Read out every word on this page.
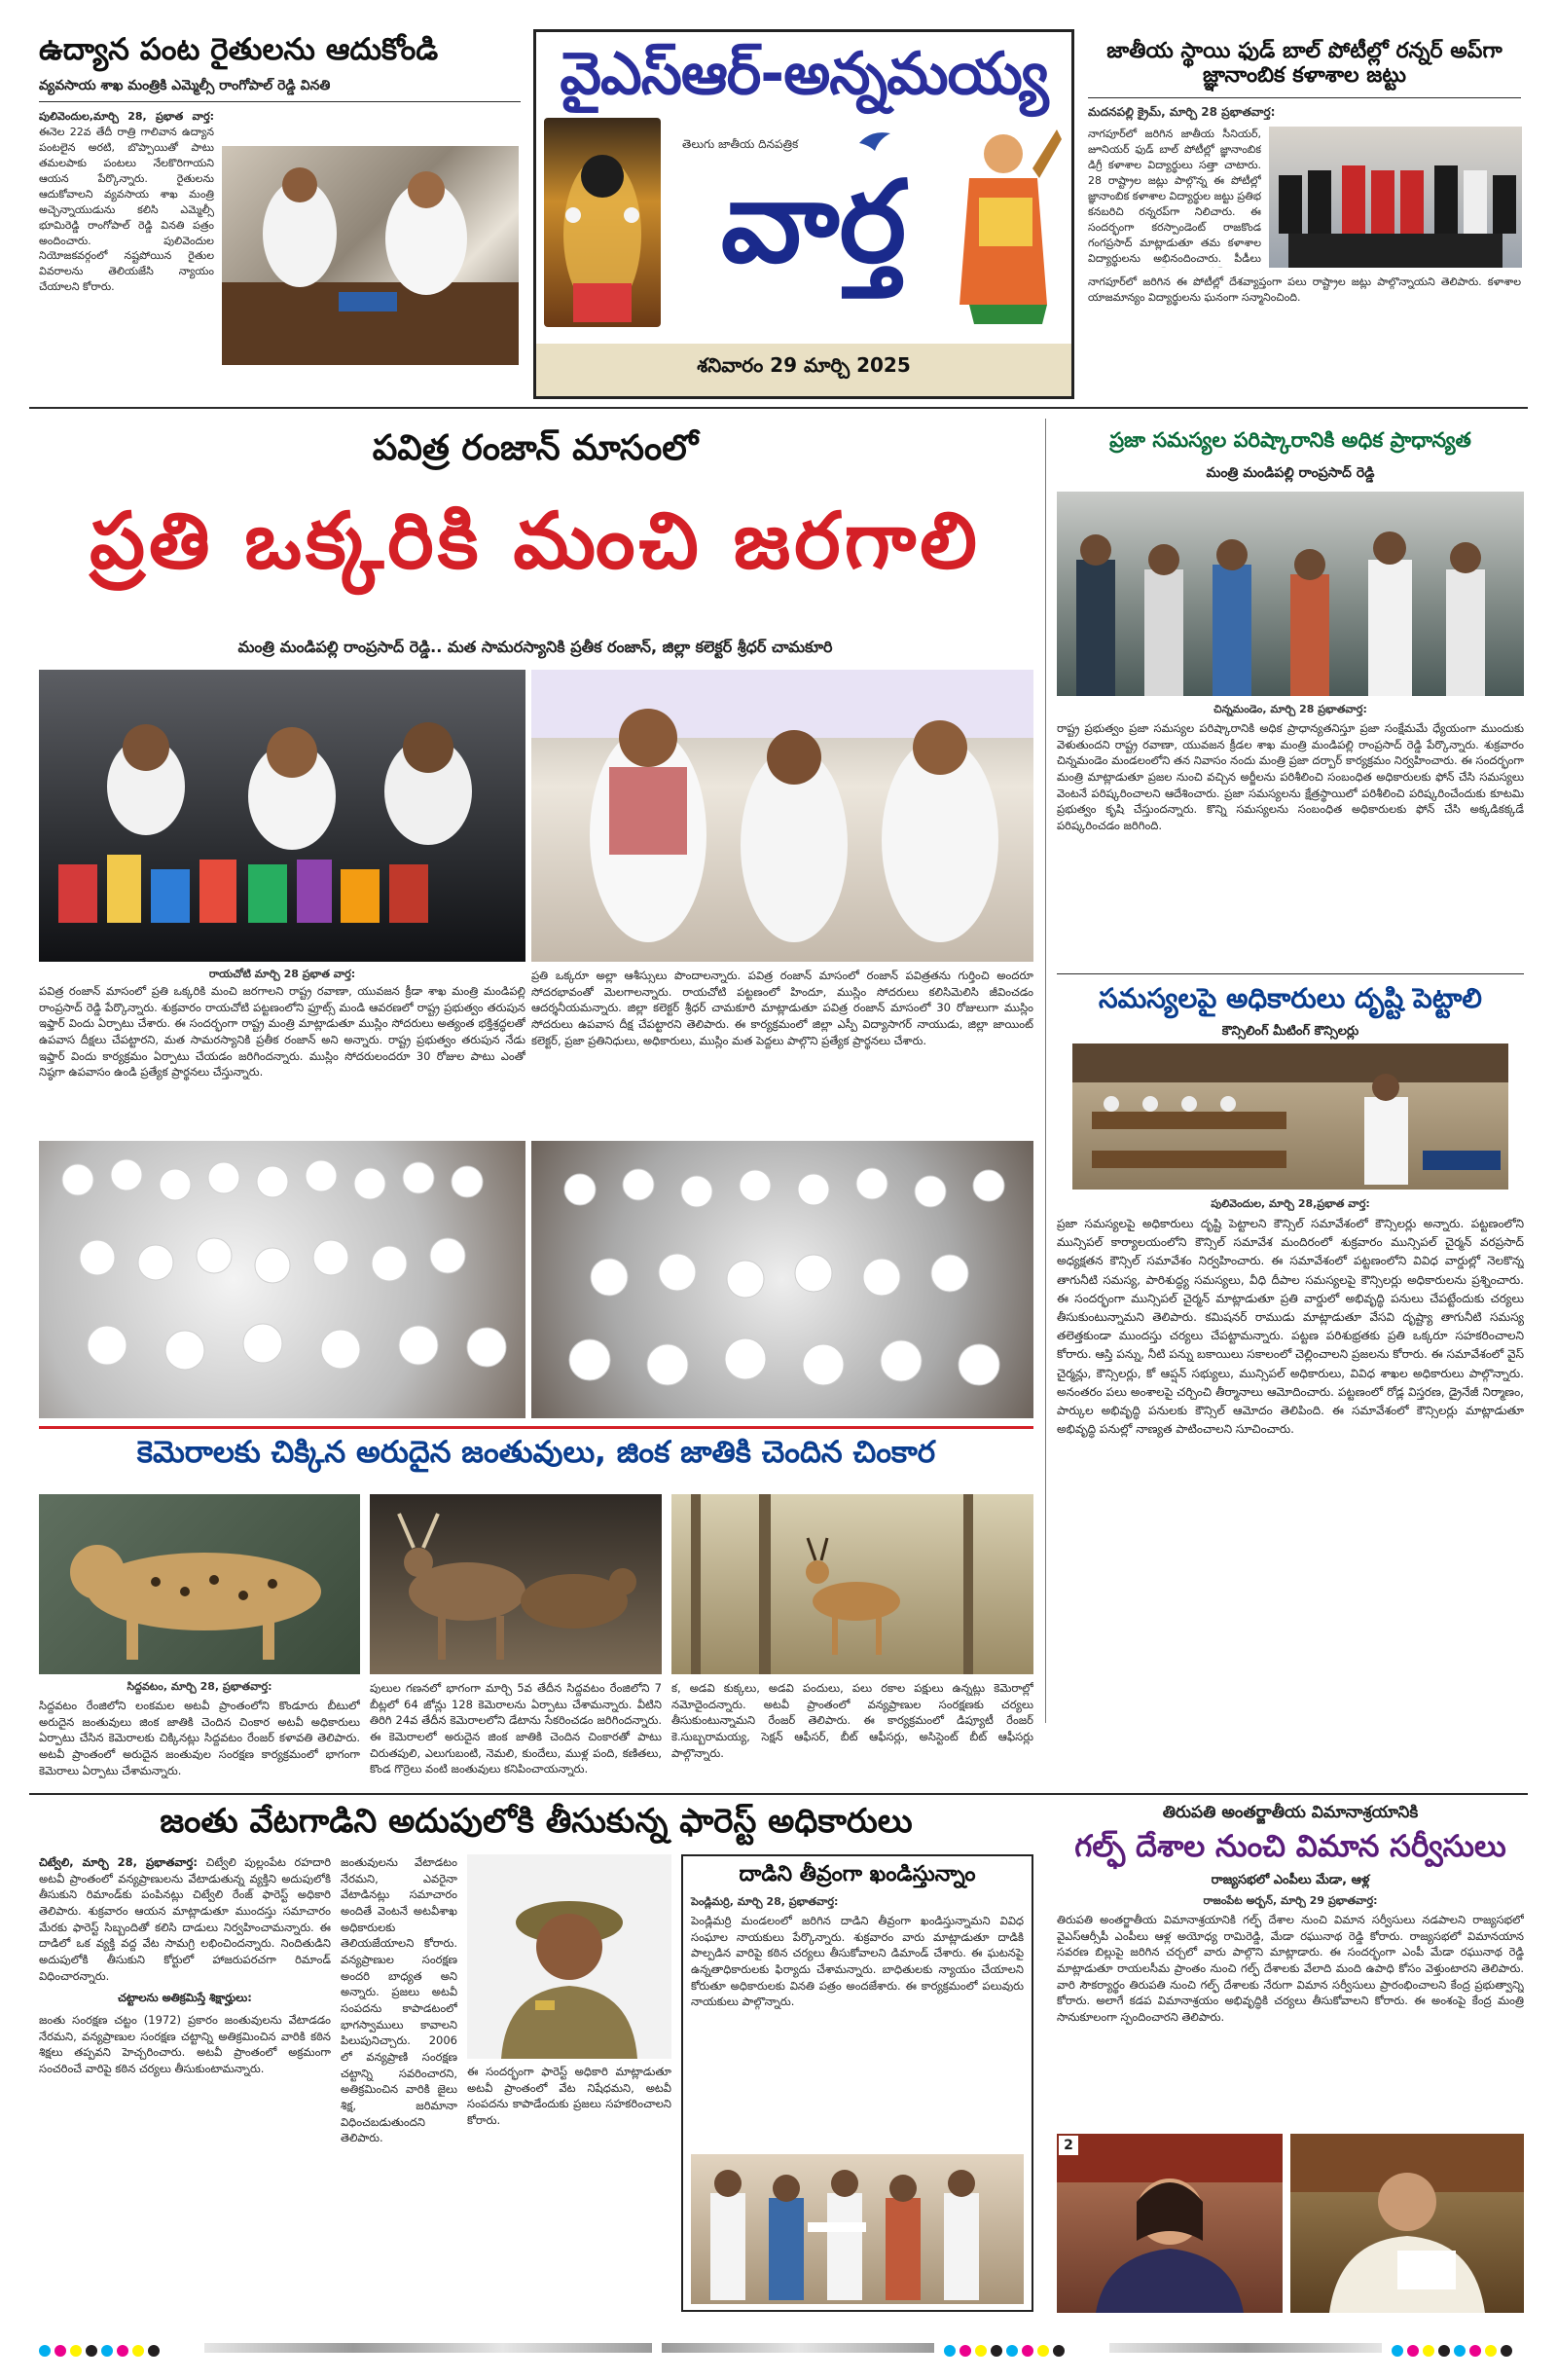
ఉద్యాన పంట రైతులను ఆదుకోండి
వ్యవసాయ శాఖ మంత్రికి ఎమ్మెల్సీ రాంగోపాల్ రెడ్డి వినతి
పులివెందుల,మార్చి 28, ప్రభాత వార్త: ఈనెల 22వ తేదీ రాత్రి గాలివాన ఉద్యాన పంటలైన అరటి, బొప్పాయితో పాటు తమలపాకు పంటలు నేలకొరిగాయని ఆయన పేర్కొన్నారు. రైతులను ఆదుకోవాలని వ్యవసాయ శాఖ మంత్రి అచ్చెన్నాయుడును కలిసి ఎమ్మెల్సీ భూమిరెడ్డి రాంగోపాల్ రెడ్డి వినతి పత్రం అందించారు. పులివెందుల నియోజకవర్గంలో నష్టపోయిన రైతుల వివరాలను తెలియజేసి న్యాయం చేయాలని కోరారు.
వైఎస్ఆర్-అన్నమయ్య
తెలుగు జాతీయ దినపత్రిక
వార్త
శనివారం 29 మార్చి 2025
జాతీయ స్థాయి ఫుడ్ బాల్ పోటీల్లో రన్నర్ అప్‌గా జ్ఞానాంబిక కళాశాల జట్టు
మదనపల్లి క్రైమ్, మార్చి 28 ప్రభాతవార్త:
నాగపూర్‌లో జరిగిన జాతీయ సీనియర్, జూనియర్ ఫుడ్ బాల్ పోటీల్లో జ్ఞానాంబిక డిగ్రీ కళాశాల విద్యార్థులు సత్తా చాటారు. 28 రాష్ట్రాల జట్లు పాల్గొన్న ఈ పోటీల్లో జ్ఞానాంబిక కళాశాల విద్యార్థుల జట్టు ప్రతిభ కనబరిచి రన్నరప్‌గా నిలిచారు. ఈ సందర్భంగా కరస్పాండెంట్ రాజకొండ గంగప్రసాద్ మాట్లాడుతూ తమ కళాశాల విద్యార్థులను అభినందించారు. పీడీలు
నాగపూర్‌లో జరిగిన ఈ పోటీల్లో దేశవ్యాప్తంగా పలు రాష్ట్రాల జట్లు పాల్గొన్నాయని తెలిపారు. కళాశాల యాజమాన్యం విద్యార్థులను ఘనంగా సన్మానించింది.
పవిత్ర రంజాన్ మాసంలో
ప్రతి ఒక్కరికి మంచి జరగాలి
మంత్రి మండిపల్లి రాంప్రసాద్ రెడ్డి.. మత సామరస్యానికి ప్రతీక రంజాన్, జిల్లా కలెక్టర్ శ్రీధర్ చామకూరి
రాయచోటి మార్చి 28 ప్రభాత వార్త:
పవిత్ర రంజాన్ మాసంలో ప్రతి ఒక్కరికి మంచి జరగాలని రాష్ట్ర రవాణా, యువజన క్రీడా శాఖ మంత్రి మండిపల్లి రాంప్రసాద్ రెడ్డి పేర్కొన్నారు. శుక్రవారం రాయచోటి పట్టణంలోని ఫ్రూట్స్ మండి ఆవరణలో రాష్ట్ర ప్రభుత్వం తరుపున ఇఫ్తార్ విందు ఏర్పాటు చేశారు. ఈ సందర్భంగా రాష్ట్ర మంత్రి మాట్లాడుతూ ముస్లిం సోదరులు అత్యంత భక్తిశ్రద్ధలతో ఉపవాస దీక్షలు చేపట్టారని, మత సామరస్యానికి ప్రతీక రంజాన్ అని అన్నారు. రాష్ట్ర ప్రభుత్వం తరుపున నేడు ఇఫ్తార్ విందు కార్యక్రమం ఏర్పాటు చేయడం జరిగిందన్నారు. ముస్లిం సోదరులందరూ 30 రోజుల పాటు ఎంతో నిష్ఠగా ఉపవాసం ఉండి ప్రత్యేక ప్రార్థనలు చేస్తున్నారు.
ప్రతి ఒక్కరూ అల్లా ఆశీస్సులు పొందాలన్నారు. పవిత్ర రంజాన్ మాసంలో రంజాన్ పవిత్రతను గుర్తించి అందరూ సోదరభావంతో మెలగాలన్నారు. రాయచోటి పట్టణంలో హిందూ, ముస్లిం సోదరులు కలిసిమెలిసి జీవించడం ఆదర్శనీయమన్నారు. జిల్లా కలెక్టర్ శ్రీధర్ చామకూరి మాట్లాడుతూ పవిత్ర రంజాన్ మాసంలో 30 రోజులుగా ముస్లిం సోదరులు ఉపవాస దీక్ష చేపట్టారని తెలిపారు. ఈ కార్యక్రమంలో జిల్లా ఎస్పీ విద్యాసాగర్ నాయుడు, జిల్లా జాయింట్ కలెక్టర్, ప్రజా ప్రతినిధులు, అధికారులు, ముస్లిం మత పెద్దలు పాల్గొని ప్రత్యేక ప్రార్థనలు చేశారు.
ప్రజా సమస్యల పరిష్కారానికి అధిక ప్రాధాన్యత
మంత్రి మండిపల్లి రాంప్రసాద్ రెడ్డి
చిన్నమండెం, మార్చి 28 ప్రభాతవార్త:
రాష్ట్ర ప్రభుత్వం ప్రజా సమస్యల పరిష్కారానికి అధిక ప్రాధాన్యతనిస్తూ ప్రజా సంక్షేమమే ధ్యేయంగా ముందుకు వెళుతుందని రాష్ట్ర రవాణా, యువజన క్రీడల శాఖ మంత్రి మండిపల్లి రాంప్రసాద్ రెడ్డి పేర్కొన్నారు. శుక్రవారం చిన్నమండెం మండలంలోని తన నివాసం నందు మంత్రి ప్రజా దర్బార్ కార్యక్రమం నిర్వహించారు. ఈ సందర్భంగా మంత్రి మాట్లాడుతూ ప్రజల నుంచి వచ్చిన అర్జీలను పరిశీలించి సంబంధిత అధికారులకు ఫోన్ చేసి సమస్యలు వెంటనే పరిష్కరించాలని ఆదేశించారు. ప్రజా సమస్యలను క్షేత్రస్థాయిలో పరిశీలించి పరిష్కరించేందుకు కూటమి ప్రభుత్వం కృషి చేస్తుందన్నారు. కొన్ని సమస్యలను సంబంధిత అధికారులకు ఫోన్ చేసి అక్కడికక్కడే పరిష్కరించడం జరిగింది.
సమస్యలపై అధికారులు దృష్టి పెట్టాలి
కౌన్సిలింగ్ మీటింగ్ కౌన్సిలర్లు
పులివెందుల, మార్చి 28,ప్రభాత వార్త:
ప్రజా సమస్యలపై అధికారులు దృష్టి పెట్టాలని కౌన్సిల్ సమావేశంలో కౌన్సిలర్లు అన్నారు. పట్టణంలోని మున్సిపల్ కార్యాలయంలోని కౌన్సిల్ సమావేశ మందిరంలో శుక్రవారం మున్సిపల్ చైర్మన్ వరప్రసాద్ అధ్యక్షతన కౌన్సిల్ సమావేశం నిర్వహించారు. ఈ సమావేశంలో పట్టణంలోని వివిధ వార్డుల్లో నెలకొన్న తాగునీటి సమస్య, పారిశుద్ధ్య సమస్యలు, వీధి దీపాల సమస్యలపై కౌన్సిలర్లు అధికారులను ప్రశ్నించారు. ఈ సందర్భంగా మున్సిపల్ చైర్మన్ మాట్లాడుతూ ప్రతి వార్డులో అభివృద్ధి పనులు చేపట్టేందుకు చర్యలు తీసుకుంటున్నామని తెలిపారు. కమిషనర్ రాముడు మాట్లాడుతూ వేసవి దృష్ట్యా తాగునీటి సమస్య తలెత్తకుండా ముందస్తు చర్యలు చేపట్టామన్నారు. పట్టణ పరిశుభ్రతకు ప్రతి ఒక్కరూ సహకరించాలని కోరారు. ఆస్తి పన్ను, నీటి పన్ను బకాయిలు సకాలంలో చెల్లించాలని ప్రజలను కోరారు. ఈ సమావేశంలో వైస్ చైర్మన్లు, కౌన్సిలర్లు, కో ఆప్షన్ సభ్యులు, మున్సిపల్ అధికారులు, వివిధ శాఖల అధికారులు పాల్గొన్నారు. అనంతరం పలు అంశాలపై చర్చించి తీర్మానాలు ఆమోదించారు. పట్టణంలో రోడ్ల విస్తరణ, డ్రైనేజీ నిర్మాణం, పార్కుల అభివృద్ధి పనులకు కౌన్సిల్ ఆమోదం తెలిపింది. ఈ సమావేశంలో కౌన్సిలర్లు మాట్లాడుతూ అభివృద్ధి పనుల్లో నాణ్యత పాటించాలని సూచించారు.
కెమెరాలకు చిక్కిన అరుదైన జంతువులు, జింక జాతికి చెందిన చింకార
సిద్దవటం, మార్చి 28, ప్రభాతవార్త:
సిద్దవటం రేంజిలోని లంకమల అటవీ ప్రాంతంలోని కొండూరు బీటులో అరుదైన జంతువులు జింక జాతికి చెందిన చింకార అటవీ అధికారులు ఏర్పాటు చేసిన కెమెరాలకు చిక్కినట్లు సిద్దవటం రేంజర్ కళావతి తెలిపారు. అటవీ ప్రాంతంలో అరుదైన జంతువుల సంరక్షణ కార్యక్రమంలో భాగంగా కెమెరాలు ఏర్పాటు చేశామన్నారు.
పులుల గణనలో భాగంగా మార్చి 5వ తేదీన సిద్దవటం రేంజిలోని 7 బీట్లలో 64 జోన్లు 128 కెమెరాలను ఏర్పాటు చేశామన్నారు. వీటిని తిరిగి 24వ తేదీన కెమెరాలలోని డేటాను సేకరించడం జరిగిందన్నారు. ఈ కెమెరాలలో అరుదైన జింక జాతికి చెందిన చింకారతో పాటు చిరుతపులి, ఎలుగుబంటి, నెమలి, కుందేలు, ముళ్ల పంది, కణితలు, కొండ గొర్రెలు వంటి జంతువులు కనిపించాయన్నారు.
క, అడవి కుక్కలు, అడవి పందులు, పలు రకాల పక్షులు ఉన్నట్లు కెమెరాల్లో నమోదైందన్నారు. అటవీ ప్రాంతంలో వన్యప్రాణుల సంరక్షణకు చర్యలు తీసుకుంటున్నామని రేంజర్ తెలిపారు. ఈ కార్యక్రమంలో డిప్యూటీ రేంజర్ కె.సుబ్బరామయ్య, సెక్షన్ ఆఫీసర్, బీట్ ఆఫీసర్లు, అసిస్టెంట్ బీట్ ఆఫీసర్లు పాల్గొన్నారు.
జంతు వేటగాడిని అదుపులోకి తీసుకున్న ఫారెస్ట్ అధికారులు
చిట్వేలి, మార్చి 28, ప్రభాతవార్త: చిట్వేలి పుల్లంపేట రహదారి అటవీ ప్రాంతంలో వన్యప్రాణులను వేటాడుతున్న వ్యక్తిని అదుపులోకి తీసుకుని రిమాండ్‌కు పంపినట్లు చిట్వేలి రేంజ్ ఫారెస్ట్ అధికారి తెలిపారు. శుక్రవారం ఆయన మాట్లాడుతూ ముందస్తు సమాచారం మేరకు ఫారెస్ట్ సిబ్బందితో కలిసి దాడులు నిర్వహించామన్నారు. ఈ దాడిలో ఒక వ్యక్తి వద్ద వేట సామగ్రి లభించిందన్నారు. నిందితుడిని అదుపులోకి తీసుకుని కోర్టులో హాజరుపరచగా రిమాండ్ విధించారన్నారు.
చట్టాలను అతిక్రమిస్తే శిక్షార్హులు:
జంతు సంరక్షణ చట్టం (1972) ప్రకారం జంతువులను వేటాడడం నేరమని, వన్యప్రాణుల సంరక్షణ చట్టాన్ని అతిక్రమించిన వారికి కఠిన శిక్షలు తప్పవని హెచ్చరించారు. అటవీ ప్రాంతంలో అక్రమంగా సంచరించే వారిపై కఠిన చర్యలు తీసుకుంటామన్నారు.
జంతువులను వేటాడటం నేరమని, ఎవరైనా వేటాడినట్లు సమాచారం అందితే వెంటనే అటవీశాఖ అధికారులకు తెలియజేయాలని కోరారు. వన్యప్రాణుల సంరక్షణ అందరి బాధ్యత అని అన్నారు. ప్రజలు అటవీ సంపదను కాపాడటంలో భాగస్వాములు కావాలని పిలుపునిచ్చారు. 2006 లో వన్యప్రాణి సంరక్షణ చట్టాన్ని సవరించారని, అతిక్రమించిన వారికి జైలు శిక్ష, జరిమానా విధించబడుతుందని తెలిపారు.
ఈ సందర్భంగా ఫారెస్ట్ అధికారి మాట్లాడుతూ అటవీ ప్రాంతంలో వేట నిషేధమని, అటవీ సంపదను కాపాడేందుకు ప్రజలు సహకరించాలని కోరారు.
దాడిని తీవ్రంగా ఖండిస్తున్నాం
పెండ్లిమర్రి, మార్చి 28, ప్రభాతవార్త:
పెండ్లిమర్రి మండలంలో జరిగిన దాడిని తీవ్రంగా ఖండిస్తున్నామని వివిధ సంఘాల నాయకులు పేర్కొన్నారు. శుక్రవారం వారు మాట్లాడుతూ దాడికి పాల్పడిన వారిపై కఠిన చర్యలు తీసుకోవాలని డిమాండ్ చేశారు. ఈ ఘటనపై ఉన్నతాధికారులకు ఫిర్యాదు చేశామన్నారు. బాధితులకు న్యాయం చేయాలని కోరుతూ అధికారులకు వినతి పత్రం అందజేశారు. ఈ కార్యక్రమంలో పలువురు నాయకులు పాల్గొన్నారు.
తిరుపతి అంతర్జాతీయ విమానాశ్రయానికి
గల్ఫ్ దేశాల నుంచి విమాన సర్వీసులు
రాజ్యసభలో ఎంపీలు మేడా, ఆళ్ల
రాజంపేట అర్బన్, మార్చి 29 ప్రభాతవార్త:
తిరుపతి అంతర్జాతీయ విమానాశ్రయానికి గల్ఫ్ దేశాల నుంచి విమాన సర్వీసులు నడపాలని రాజ్యసభలో వైఎస్ఆర్సీపీ ఎంపీలు ఆళ్ల అయోధ్య రామిరెడ్డి, మేడా రఘునాథ రెడ్డి కోరారు. రాజ్యసభలో విమానయాన సవరణ బిల్లుపై జరిగిన చర్చలో వారు పాల్గొని మాట్లాడారు. ఈ సందర్భంగా ఎంపీ మేడా రఘునాథ రెడ్డి మాట్లాడుతూ రాయలసీమ ప్రాంతం నుంచి గల్ఫ్ దేశాలకు వేలాది మంది ఉపాధి కోసం వెళ్తుంటారని తెలిపారు. వారి సౌకర్యార్థం తిరుపతి నుంచి గల్ఫ్ దేశాలకు నేరుగా విమాన సర్వీసులు ప్రారంభించాలని కేంద్ర ప్రభుత్వాన్ని కోరారు. అలాగే కడప విమానాశ్రయం అభివృద్ధికి చర్యలు తీసుకోవాలని కోరారు. ఈ అంశంపై కేంద్ర మంత్రి సానుకూలంగా స్పందించారని తెలిపారు.
2
